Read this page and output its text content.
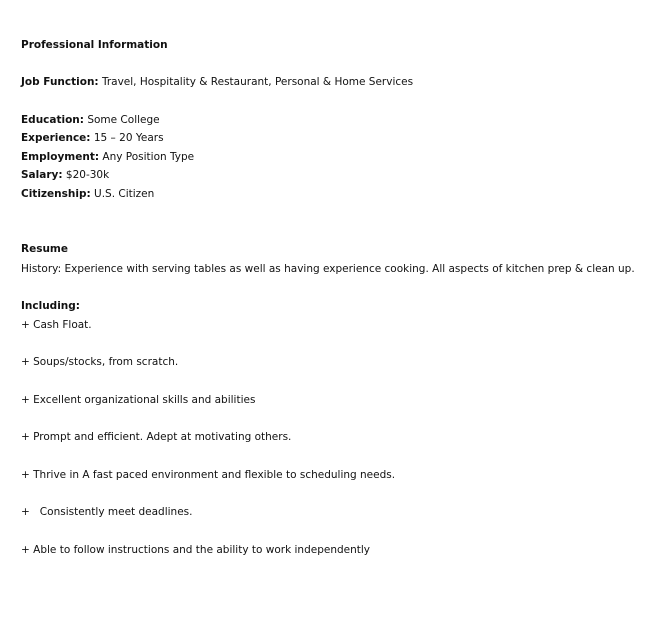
Professional Information
Job Function: Travel, Hospitality & Restaurant, Personal & Home Services
Education: Some College
Experience: 15 – 20 Years
Employment: Any Position Type
Salary: $20-30k
Citizenship: U.S. Citizen
Resume
History: Experience with serving tables as well as having experience cooking. All aspects of kitchen prep & clean up.
Including:
+ Cash Float.
+ Soups/stocks, from scratch.
+ Excellent organizational skills and abilities
+ Prompt and efficient. Adept at motivating others.
+ Thrive in A fast paced environment and flexible to scheduling needs.
+   Consistently meet deadlines.
+ Able to follow instructions and the ability to work independently
